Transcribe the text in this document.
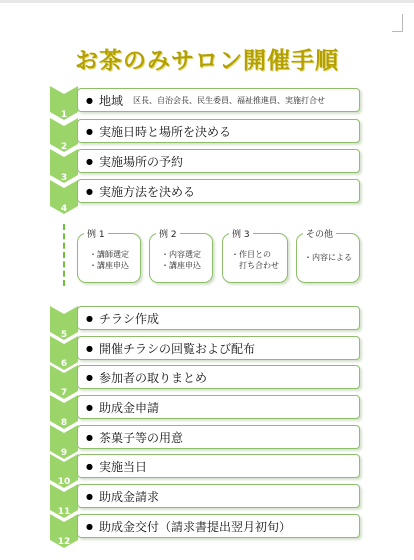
お茶のみサロン開催手順
1
● 地域 区長、自治会長、民生委員、福祉推進員、実施打合せ
2
● 実施日時と場所を決める
3
● 実施場所の予約
4
● 実施方法を決める
例 1
・講師選定
・講座申込
例 2
・内容選定
・講座申込
例 3
・作目との
打ち合わせ
その他
・内容による
5
● チラシ作成
6
● 開催チラシの回覧および配布
7
● 参加者の取りまとめ
8
● 助成金申請
9
● 茶菓子等の用意
10
● 実施当日
11
● 助成金請求
12
● 助成金交付（請求書提出翌月初旬）
